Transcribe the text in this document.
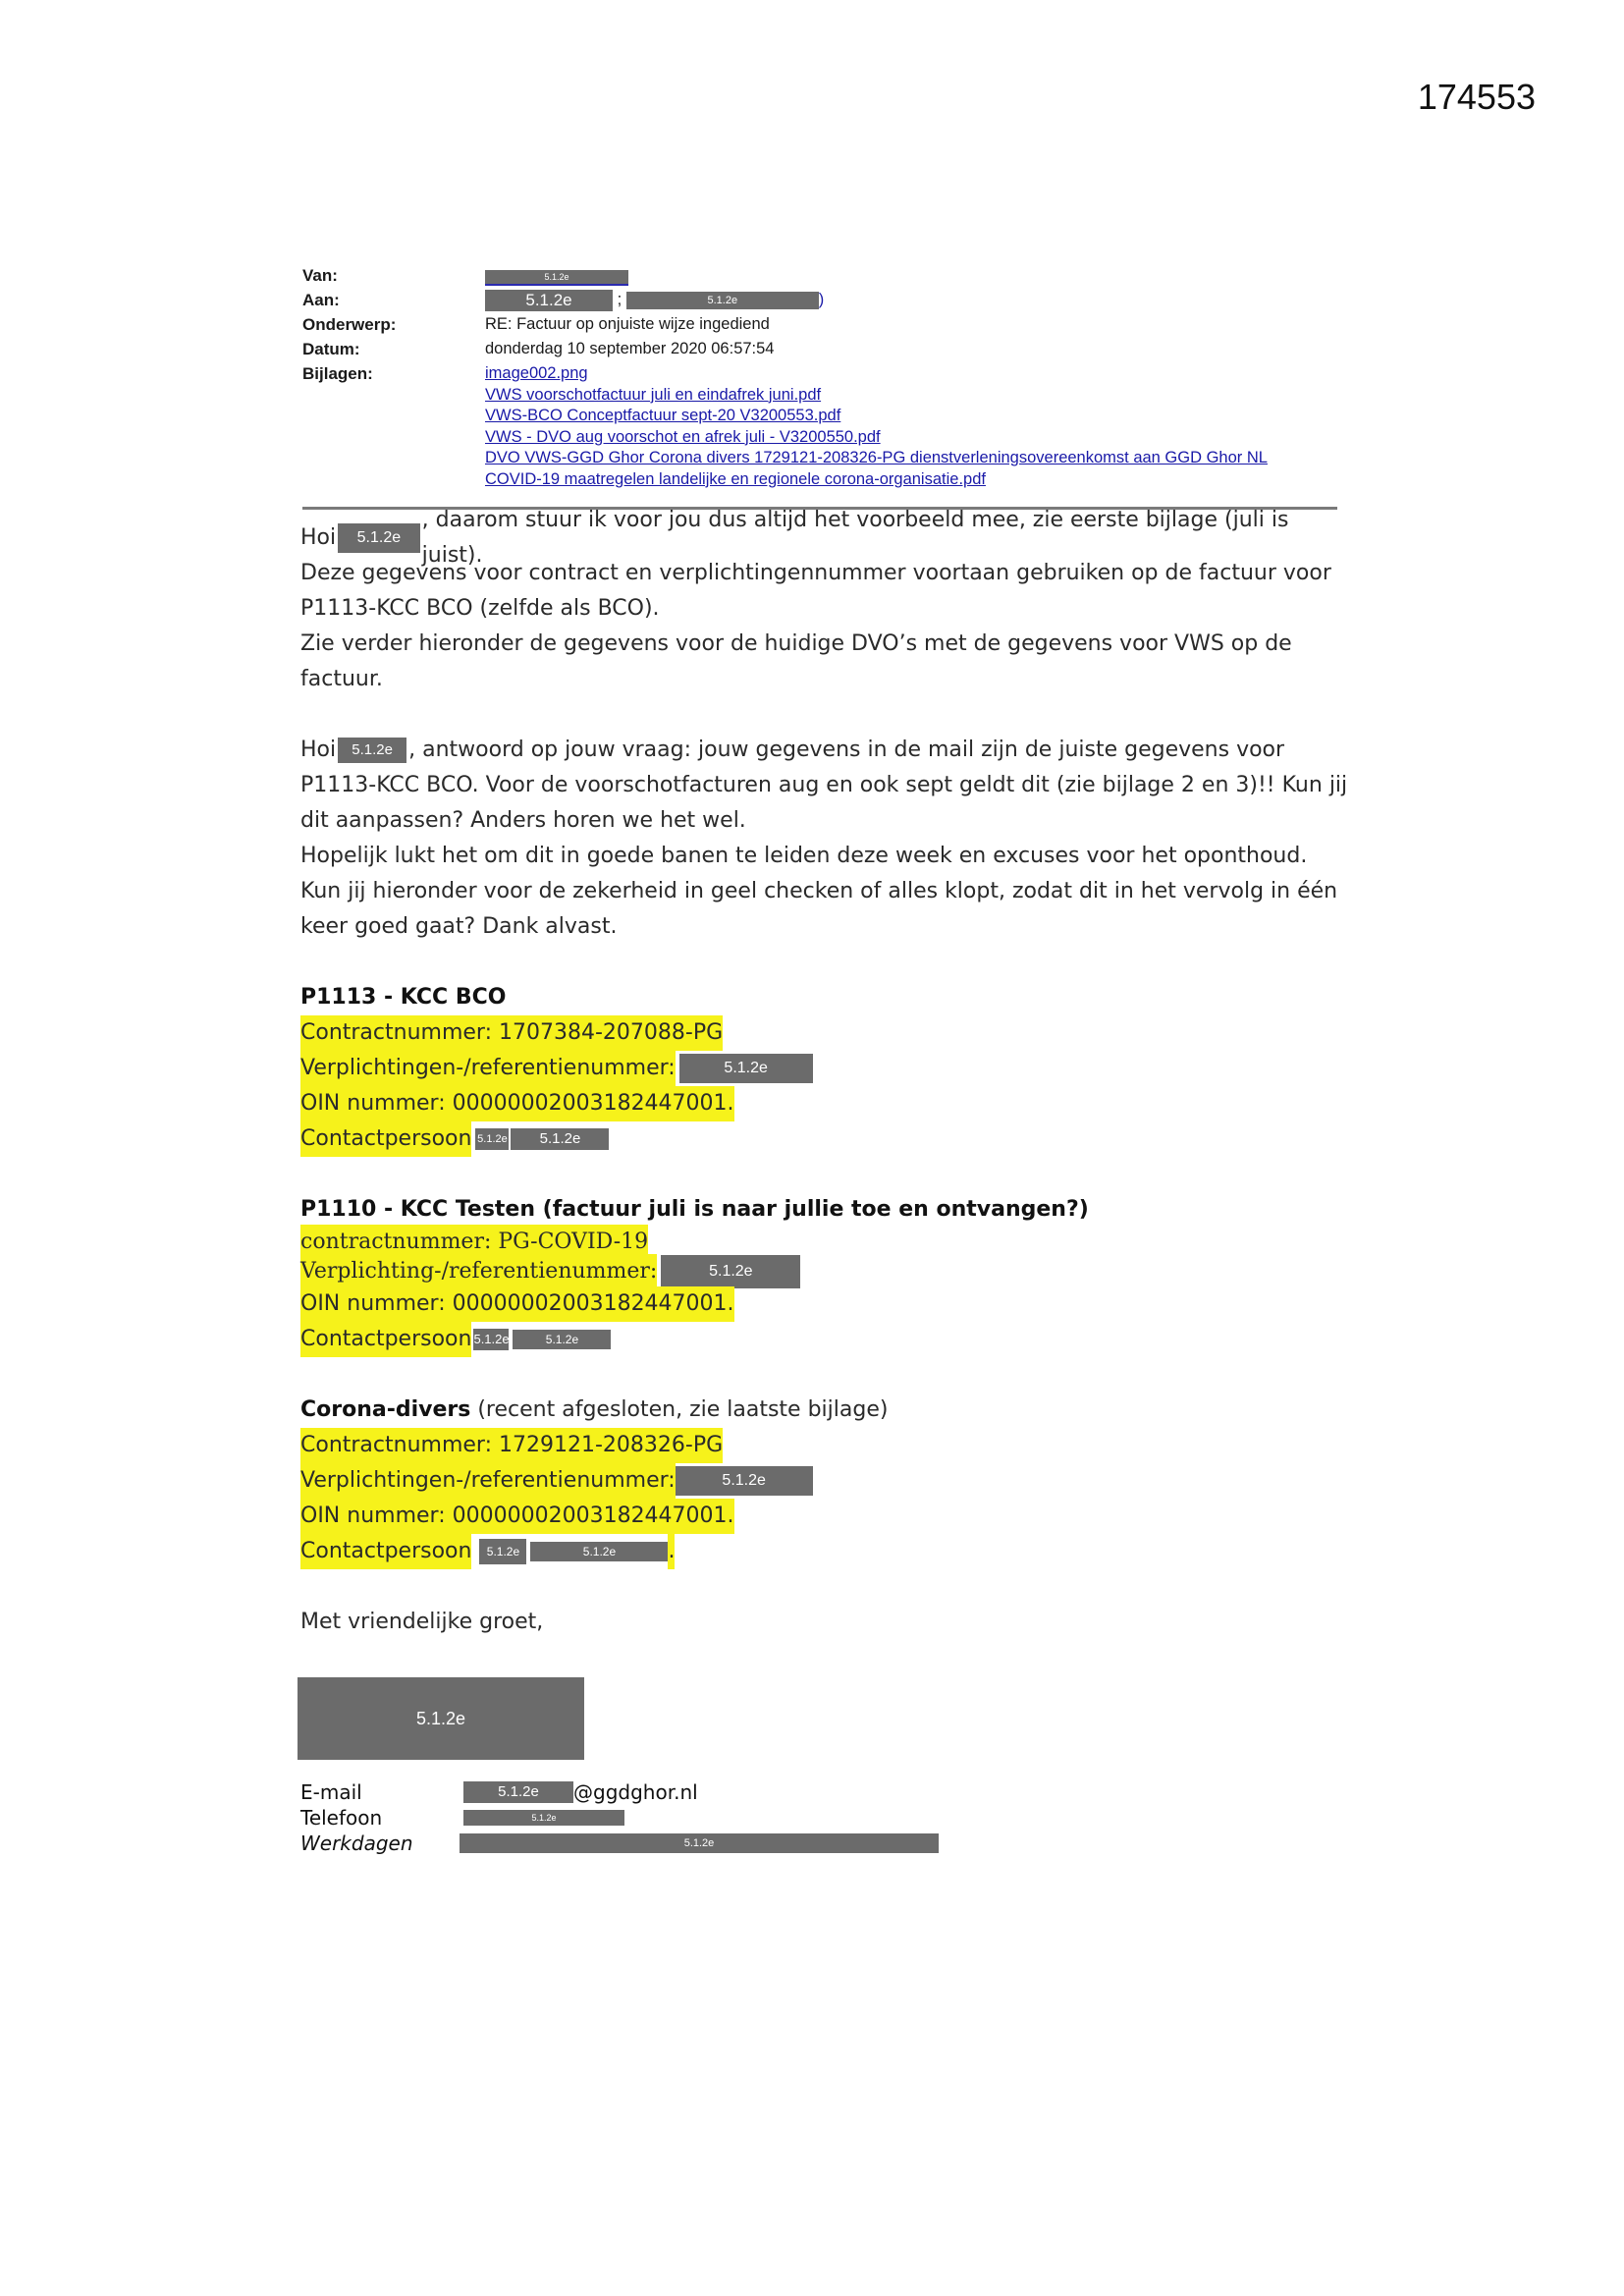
174553
Van:	5.1.2e
Aan:	5.1.2e	;	5.1.2e	)
Onderwerp:	RE: Factuur op onjuiste wijze ingediend
Datum:	donderdag 10 september 2020 06:57:54
Bijlagen:	image002.png
VWS voorschotfactuur juli en eindafrek juni.pdf
VWS-BCO Conceptfactuur sept-20 V3200553.pdf
VWS - DVO aug voorschot en afrek juli - V3200550.pdf
DVO VWS-GGD Ghor Corona divers 1729121-208326-PG dienstverleningsovereenkomst aan GGD Ghor NL
COVID-19 maatregelen landelijke en regionele corona-organisatie.pdf

Hoi	5.1.2e
, daarom stuur ik voor jou dus altijd het voorbeeld mee, zie eerste bijlage (juli is juist).

Deze gegevens voor contract en verplichtingennummer voortaan gebruiken op de factuur voor

P1113-KCC BCO (zelfde als BCO).

Zie verder hieronder de gegevens voor de huidige DVO’s met de gegevens voor VWS op de

factuur.

Hoi	5.1.2e , antwoord op jouw vraag: jouw gegevens in de mail zijn de juiste gegevens voor

P1113-KCC BCO. Voor de voorschotfacturen aug en ook sept geldt dit (zie bijlage 2 en 3)!! Kun jij

dit aanpassen? Anders horen we het wel.

Hopelijk lukt het om dit in goede banen te leiden deze week en excuses voor het oponthoud.

Kun jij hieronder voor de zekerheid in geel checken of alles klopt, zodat dit in het vervolg in één

keer goed gaat? Dank alvast.

P1113 - KCC BCO

Contractnummer: 1707384-207088-PG

Verplichtingen-/referentienummer:	5.1.2e

OIN nummer: 00000002003182447001.

Contactpersoon 5.1.2e	5.1.2e

P1110 - KCC Testen (factuur juli is naar jullie toe en ontvangen?)

contractnummer: PG-COVID-19

Verplichting-/referentienummer:	5.1.2e

OIN nummer: 00000002003182447001.

Contactpersoon 5.1.2e	5.1.2e

Corona-divers (recent afgesloten, zie laatste bijlage)

Contractnummer: 1729121-208326-PG

Verplichtingen-/referentienummer:	5.1.2e

OIN nummer: 00000002003182447001.

Contactpersoon	5.1.2e	5.1.2e	.

Met vriendelijke groet,

5.1.2e
E-mail	5.1.2e	@ggdghor.nl
Telefoon	5.1.2e
Werkdagen	5.1.2e
